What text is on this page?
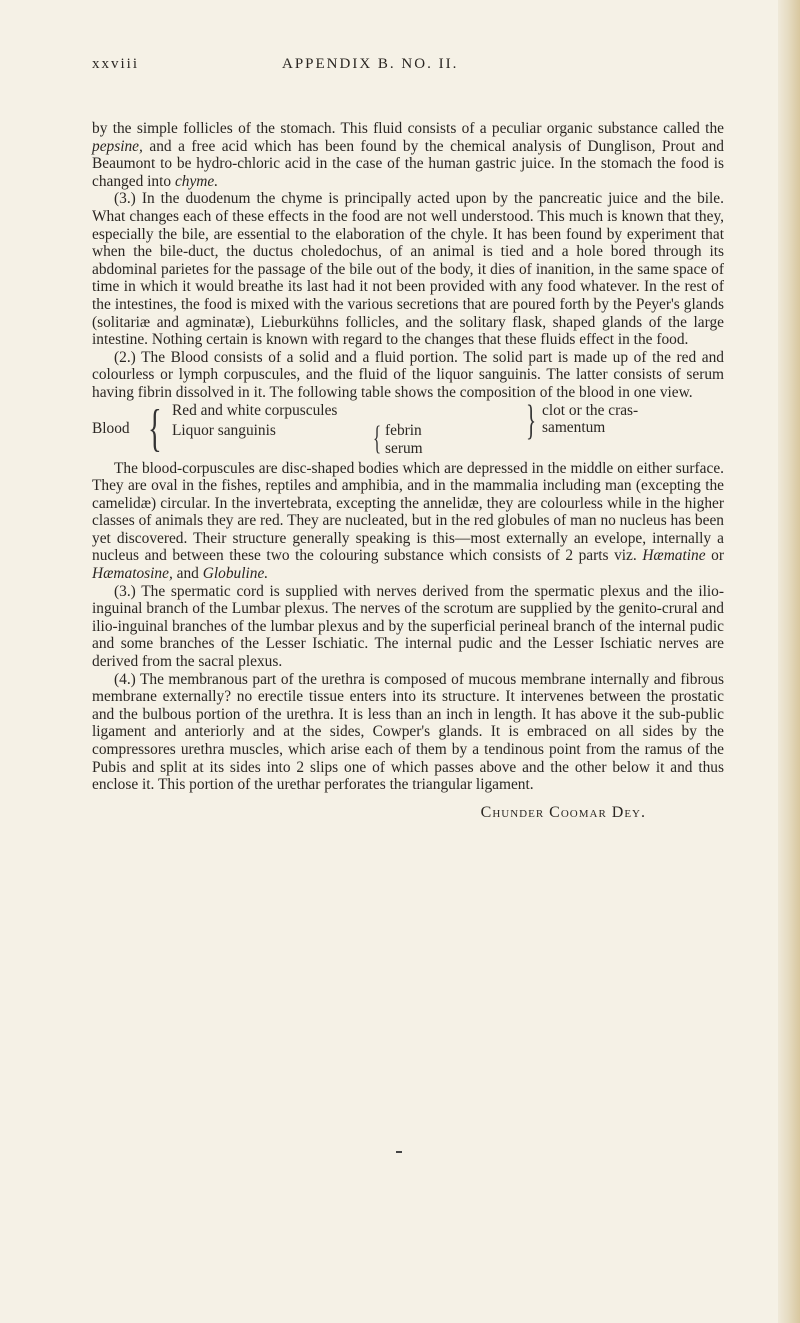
xxviii	APPENDIX B. NO. II.

by the simple follicles of the stomach. This fluid consists of a peculiar organic substance called the pepsine, and a free acid which has been found by the chemical analysis of Dunglison, Prout and Beaumont to be hydro-chloric acid in the case of the human gastric juice. In the stomach the food is changed into chyme.

(3.) In the duodenum the chyme is principally acted upon by the pancreatic juice and the bile. What changes each of these effects in the food are not well understood. This much is known that they, especially the bile, are essential to the elaboration of the chyle. It has been found by experiment that when the bile-duct, the ductus choledochus, of an animal is tied and a hole bored through its abdominal parietes for the passage of the bile out of the body, it dies of inanition, in the same space of time in which it would breathe its last had it not been provided with any food whatever. In the rest of the intestines, the food is mixed with the various secretions that are poured forth by the Peyer's glands (solitariæ and agminatæ), Lieburkühns follicles, and the solitary flask, shaped glands of the large intestine. Nothing certain is known with regard to the changes that these fluids effect in the food.

(2.) The Blood consists of a solid and a fluid portion. The solid part is made up of the red and colourless or lymph corpuscules, and the fluid of the liquor sanguinis. The latter consists of serum having fibrin dissolved in it. The following table shows the composition of the blood in one view.

Blood { Red and white corpuscules
Liquor sanguinis	{ febrin
serum
} clot or the cras-
samentum

The blood-corpuscules are disc-shaped bodies which are depressed in the middle on either surface. They are oval in the fishes, reptiles and amphibia, and in the mammalia including man (excepting the camelidæ) circular. In the invertebrata, excepting the annelidæ, they are colourless while in the higher classes of animals they are red. They are nucleated, but in the red globules of man no nucleus has been yet discovered. Their structure generally speaking is this—most externally an evelope, internally a nucleus and between these two the colouring substance which consists of 2 parts viz. Hæmatine or Hæmatosine, and Globuline.

(3.) The spermatic cord is supplied with nerves derived from the spermatic plexus and the ilio-inguinal branch of the Lumbar plexus. The nerves of the scrotum are supplied by the genito-crural and ilio-inguinal branches of the lumbar plexus and by the superficial perineal branch of the internal pudic and some branches of the Lesser Ischiatic. The internal pudic and the Lesser Ischiatic nerves are derived from the sacral plexus.

(4.) The membranous part of the urethra is composed of mucous membrane internally and fibrous membrane externally? no erectile tissue enters into its structure. It intervenes between the prostatic and the bulbous portion of the urethra. It is less than an inch in length. It has above it the sub-public ligament and anteriorly and at the sides, Cowper's glands. It is embraced on all sides by the compressores urethra muscles, which arise each of them by a tendinous point from the ramus of the Pubis and split at its sides into 2 slips one of which passes above and the other below it and thus enclose it. This portion of the urethar perforates the triangular ligament.

Chunder Coomar Dey.
